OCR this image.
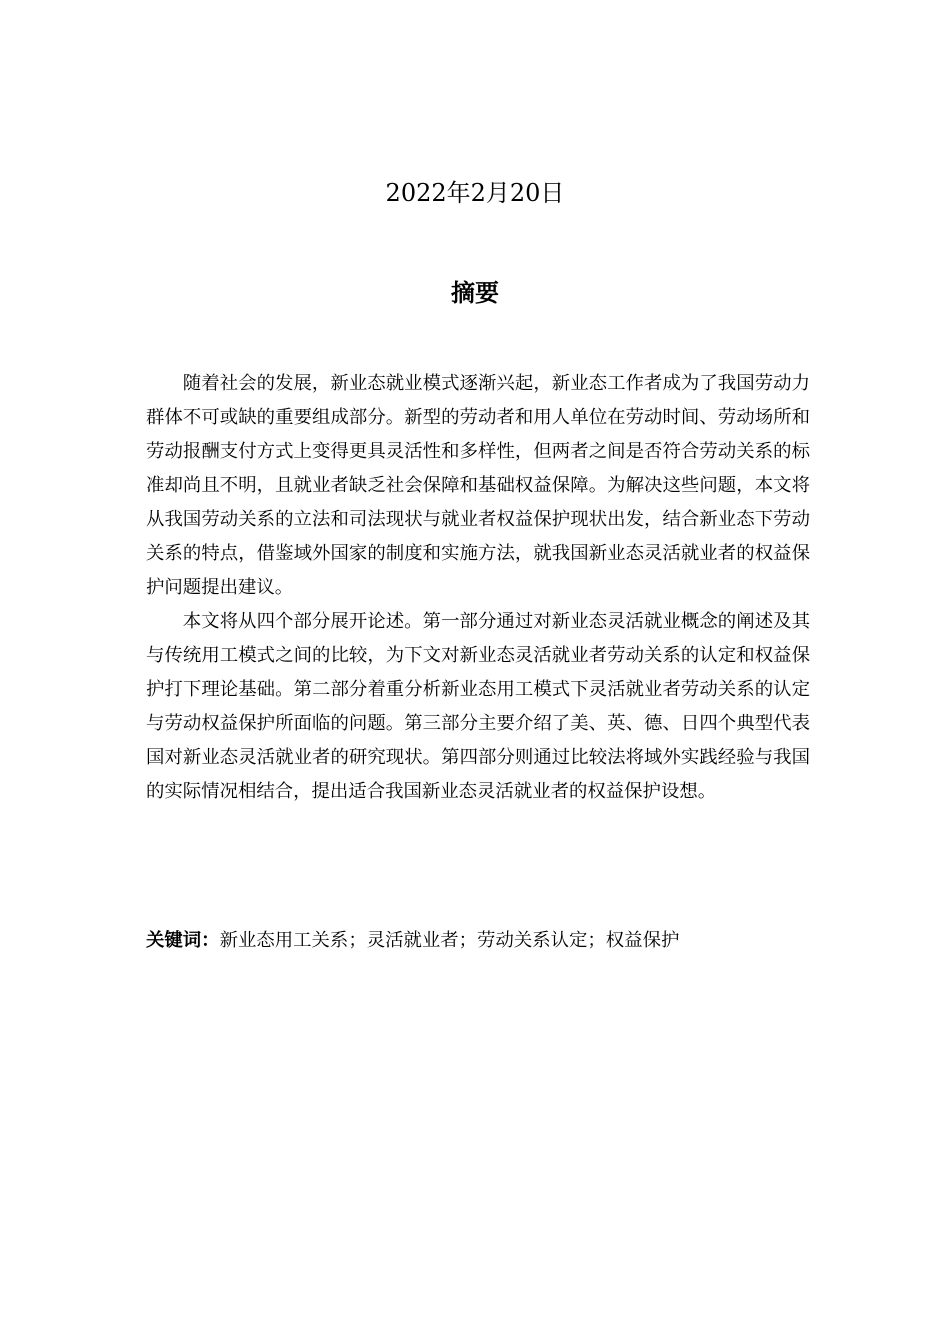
2022年2月20日
摘要

随着社会的发展，新业态就业模式逐渐兴起，新业态工作者成为了我国劳动力群体不可或缺的重要组成部分。新型的劳动者和用人单位在劳动时间、劳动场所和劳动报酬支付方式上变得更具灵活性和多样性，但两者之间是否符合劳动关系的标准却尚且不明，且就业者缺乏社会保障和基础权益保障。为解决这些问题，本文将从我国劳动关系的立法和司法现状与就业者权益保护现状出发，结合新业态下劳动关系的特点，借鉴域外国家的制度和实施方法，就我国新业态灵活就业者的权益保护问题提出建议。

本文将从四个部分展开论述。第一部分通过对新业态灵活就业概念的阐述及其与传统用工模式之间的比较，为下文对新业态灵活就业者劳动关系的认定和权益保护打下理论基础。第二部分着重分析新业态用工模式下灵活就业者劳动关系的认定与劳动权益保护所面临的问题。第三部分主要介绍了美、英、德、日四个典型代表国对新业态灵活就业者的研究现状。第四部分则通过比较法将域外实践经验与我国的实际情况相结合，提出适合我国新业态灵活就业者的权益保护设想。

关键词：新业态用工关系；灵活就业者；劳动关系认定；权益保护
